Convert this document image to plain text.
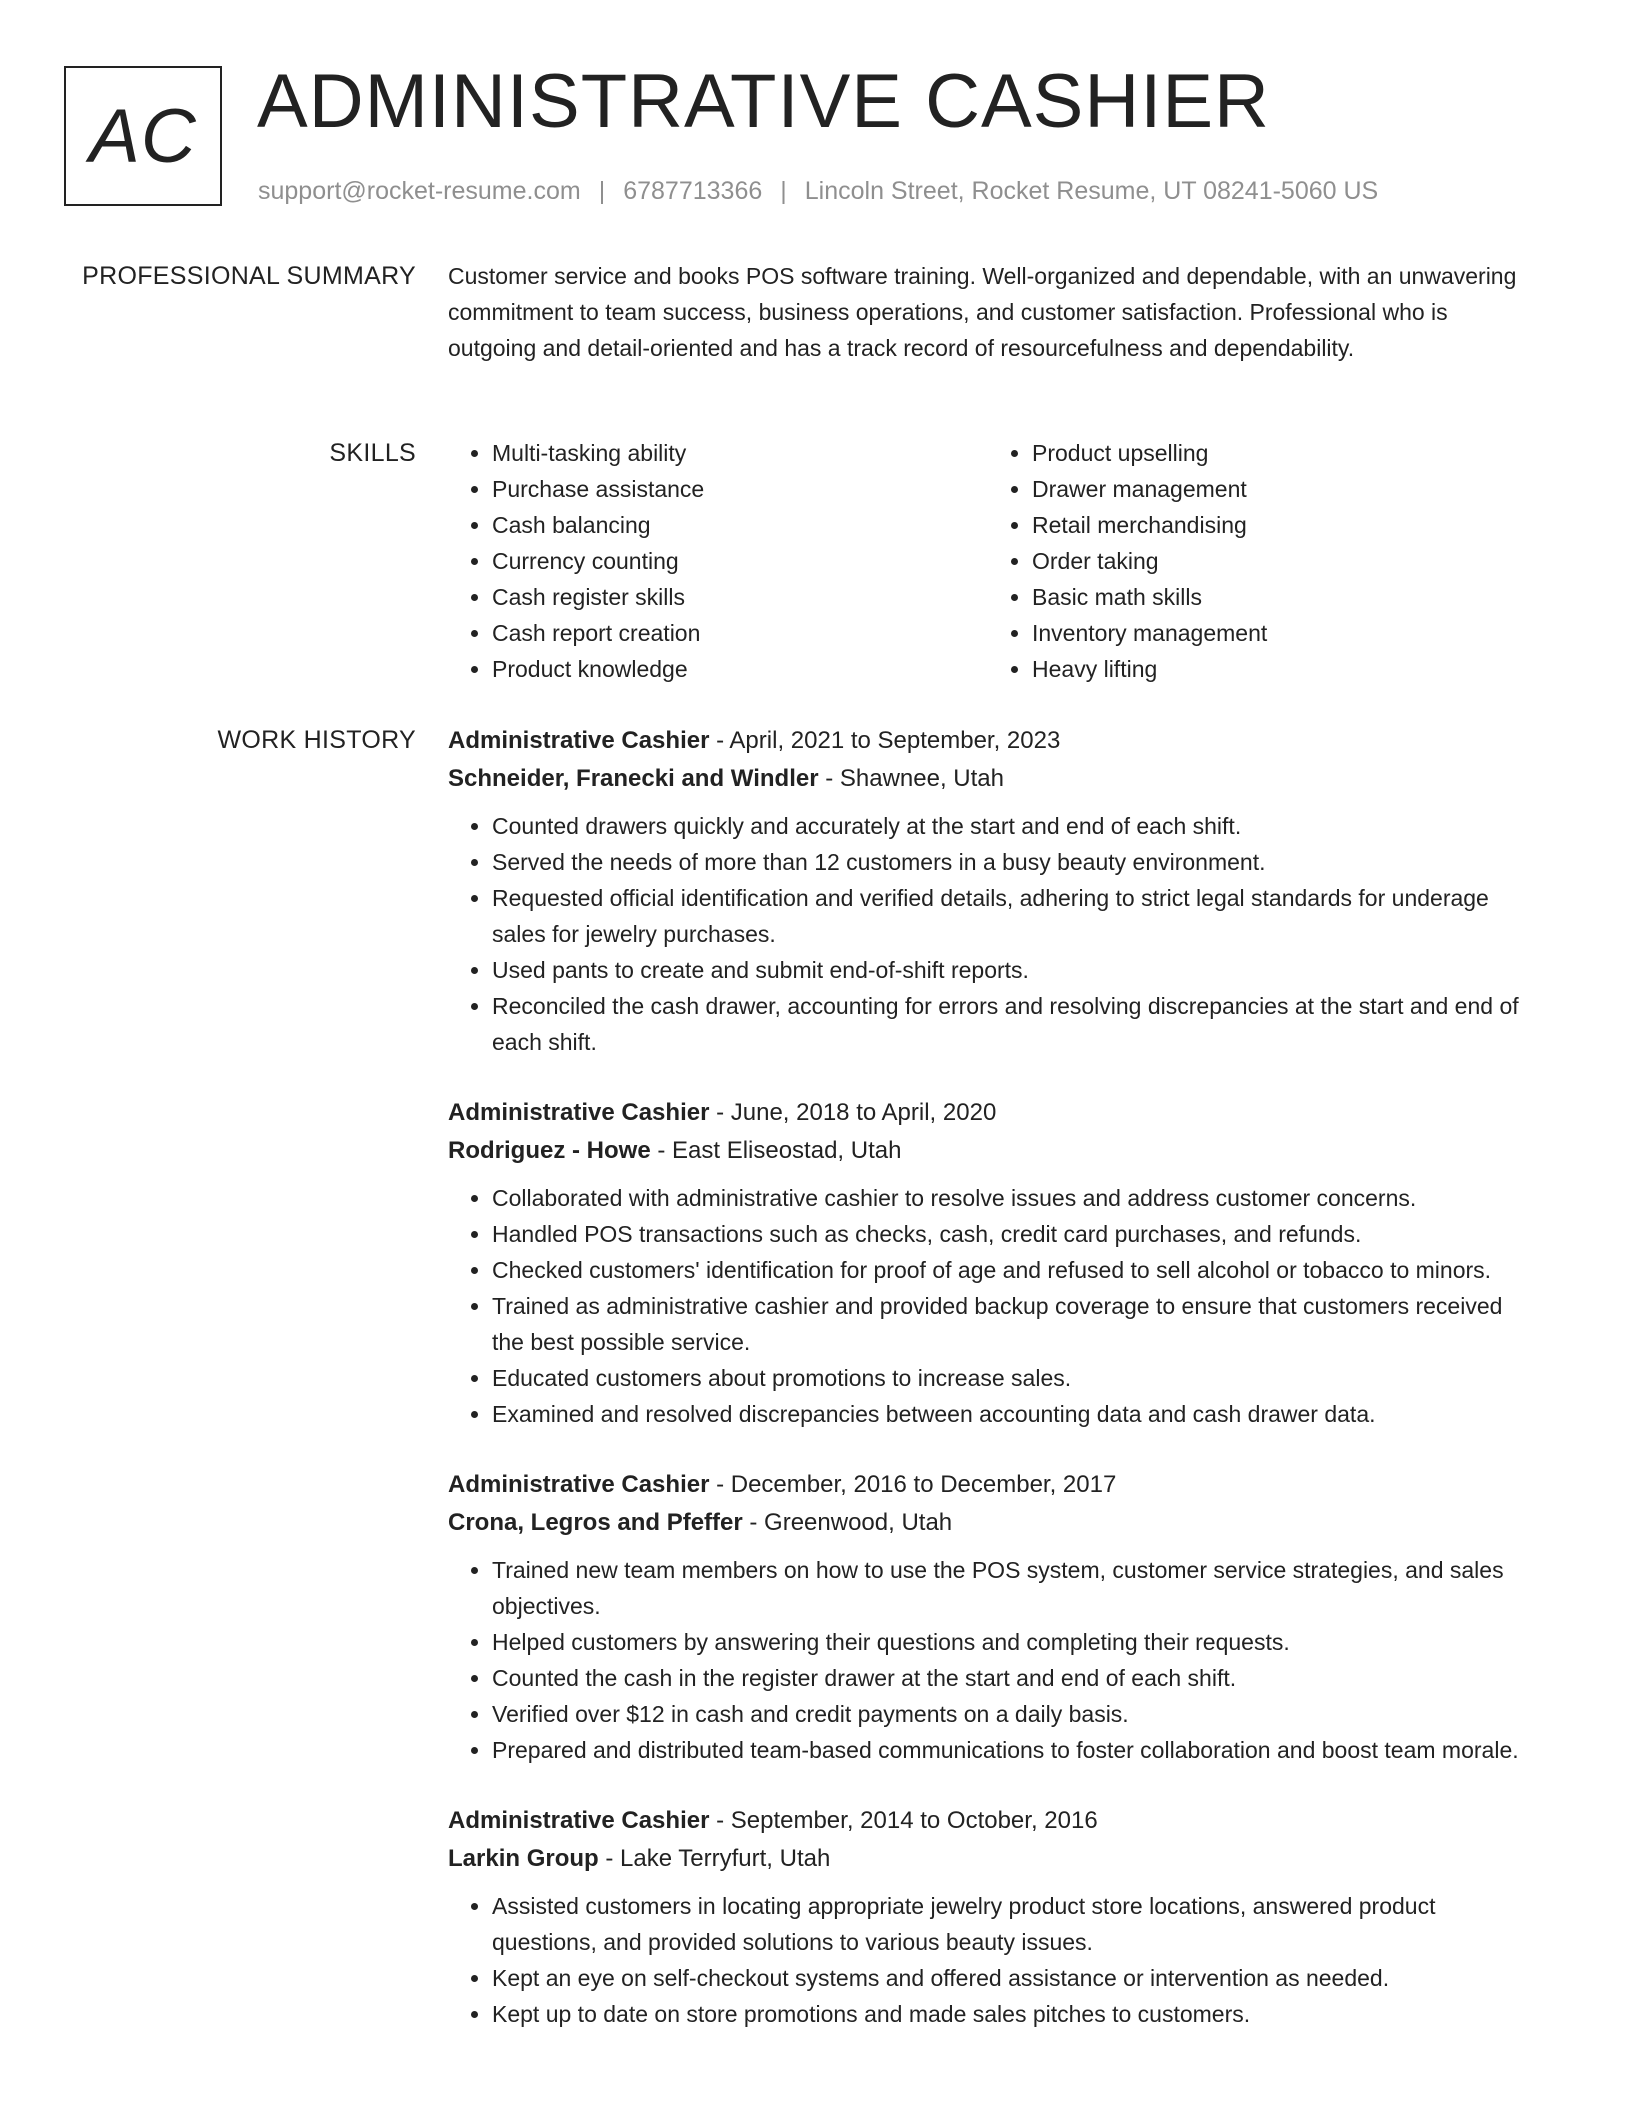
AC ADMINISTRATIVE CASHIER
support@rocket-resume.com | 6787713366 | Lincoln Street, Rocket Resume, UT 08241-5060 US
PROFESSIONAL SUMMARY Customer service and books POS software training. Well-organized and dependable, with an unwavering commitment to team success, business operations, and customer satisfaction. Professional who is outgoing and detail-oriented and has a track record of resourcefulness and dependability.

SKILLS
•	Multi-tasking ability
• Purchase assistance
• Cash balancing
• Currency counting
• Cash register skills
• Cash report creation
• Product knowledge
• Product upselling
• Drawer management
• Retail merchandising
• Order taking
• Basic math skills
• Inventory management
• Heavy lifting
WORK HISTORY Administrative Cashier - April, 2021 to September, 2023
Schneider, Franecki and Windler - Shawnee, Utah
• Counted drawers quickly and accurately at the start and end of each shift.
• Served the needs of more than 12 customers in a busy beauty environment.
• Requested official identification and verified details, adhering to strict legal standards for underage sales for jewelry purchases.
• Used pants to create and submit end-of-shift reports.
• Reconciled the cash drawer, accounting for errors and resolving discrepancies at the start and end of each shift.
Administrative Cashier - June, 2018 to April, 2020
Rodriguez - Howe - East Eliseostad, Utah
• Collaborated with administrative cashier to resolve issues and address customer concerns.
• Handled POS transactions such as checks, cash, credit card purchases, and refunds.
• Checked customers' identification for proof of age and refused to sell alcohol or tobacco to minors.
• Trained as administrative cashier and provided backup coverage to ensure that customers received the best possible service.
• Educated customers about promotions to increase sales.
• Examined and resolved discrepancies between accounting data and cash drawer data.
Administrative Cashier - December, 2016 to December, 2017
Crona, Legros and Pfeffer - Greenwood, Utah
• Trained new team members on how to use the POS system, customer service strategies, and sales objectives.
• Helped customers by answering their questions and completing their requests.
• Counted the cash in the register drawer at the start and end of each shift.
• Verified over $12 in cash and credit payments on a daily basis.
• Prepared and distributed team-based communications to foster collaboration and boost team morale.
Administrative Cashier - September, 2014 to October, 2016
Larkin Group - Lake Terryfurt, Utah
• Assisted customers in locating appropriate jewelry product store locations, answered product questions, and provided solutions to various beauty issues.
• Kept an eye on self-checkout systems and offered assistance or intervention as needed.
• Kept up to date on store promotions and made sales pitches to customers.
